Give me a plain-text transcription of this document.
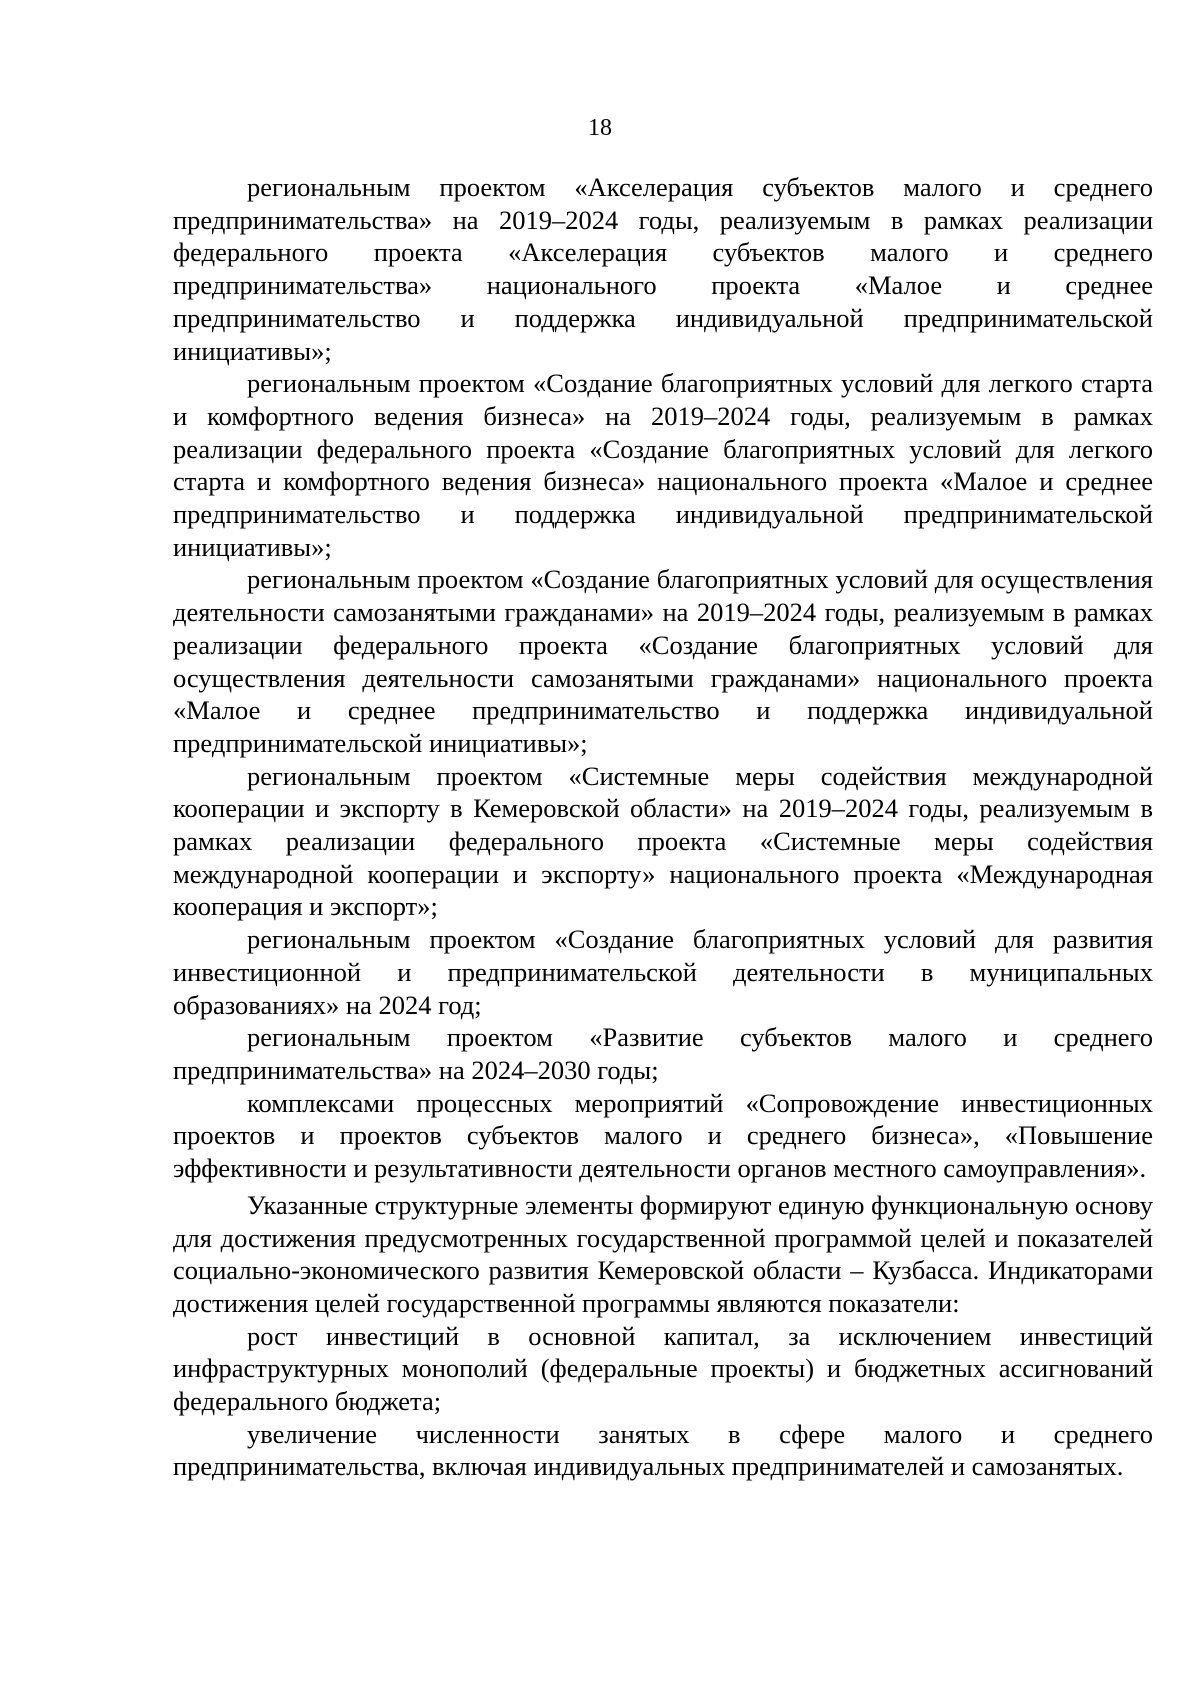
18

региональным проектом «Акселерация субъектов малого и среднего предпринимательства» на 2019–2024 годы, реализуемым в рамках реализации федерального проекта «Акселерация субъектов малого и среднего предпринимательства» национального проекта «Малое и среднее предпринимательство и поддержка индивидуальной предпринимательской инициативы»;

региональным проектом «Создание благоприятных условий для легкого старта и комфортного ведения бизнеса» на 2019–2024 годы, реализуемым в рамках реализации федерального проекта «Создание благоприятных условий для легкого старта и комфортного ведения бизнеса» национального проекта «Малое и среднее предпринимательство и поддержка индивидуальной предпринимательской инициативы»;

региональным проектом «Создание благоприятных условий для осуществления деятельности самозанятыми гражданами» на 2019–2024 годы, реализуемым в рамках реализации федерального проекта «Создание благоприятных условий для осуществления деятельности самозанятыми гражданами» национального проекта «Малое и среднее предпринимательство и поддержка индивидуальной предпринимательской инициативы»;

региональным проектом «Системные меры содействия международной кооперации и экспорту в Кемеровской области» на 2019–2024 годы, реализуемым в рамках реализации федерального проекта «Системные меры содействия международной кооперации и экспорту» национального проекта «Международная кооперация и экспорт»;

региональным проектом «Создание благоприятных условий для развития инвестиционной и предпринимательской деятельности в муниципальных образованиях» на 2024 год;

региональным проектом «Развитие субъектов малого и среднего предпринимательства» на 2024–2030 годы;

комплексами процессных мероприятий «Сопровождение инвестиционных проектов и проектов субъектов малого и среднего бизнеса», «Повышение эффективности и результативности деятельности органов местного самоуправления».

Указанные структурные элементы формируют единую функциональную основу для достижения предусмотренных государственной программой целей и показателей социально-экономического развития Кемеровской области – Кузбасса. Индикаторами достижения целей государственной программы являются показатели:

рост инвестиций в основной капитал, за исключением инвестиций инфраструктурных монополий (федеральные проекты) и бюджетных ассигнований федерального бюджета;

увеличение численности занятых в сфере малого и среднего предпринимательства, включая индивидуальных предпринимателей и самозанятых.
